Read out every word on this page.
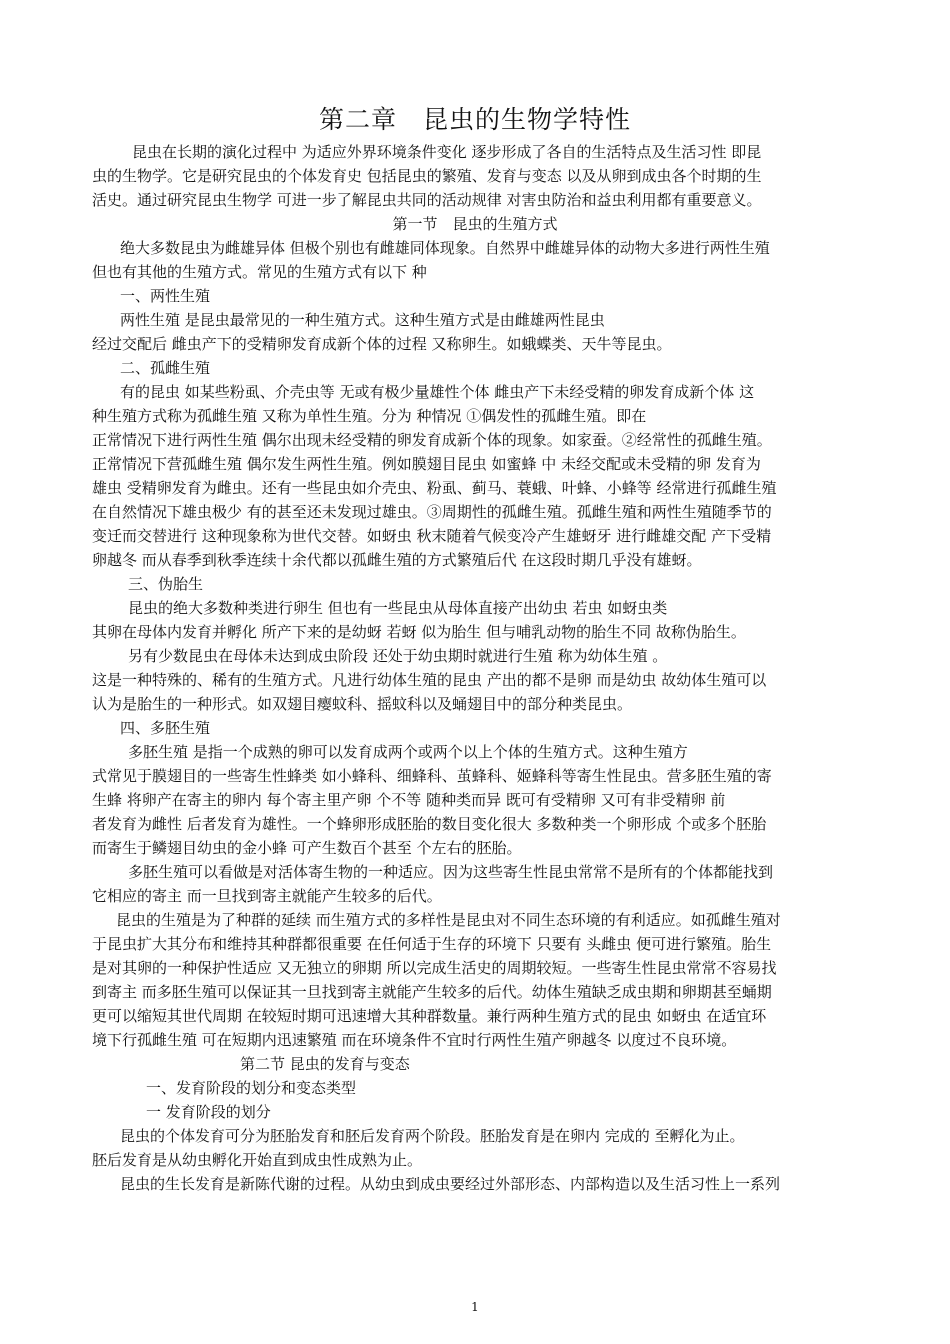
第二章　昆虫的生物学特性
昆虫在长期的演化过程中 为适应外界环境条件变化 逐步形成了各自的生活特点及生活习性 即昆
虫的生物学。它是研究昆虫的个体发育史 包括昆虫的繁殖、发育与变态 以及从卵到成虫各个时期的生
活史。通过研究昆虫生物学 可进一步了解昆虫共同的活动规律 对害虫防治和益虫利用都有重要意义。
第一节　昆虫的生殖方式
绝大多数昆虫为雌雄异体 但极个别也有雌雄同体现象。自然界中雌雄异体的动物大多进行两性生殖
但也有其他的生殖方式。常见的生殖方式有以下 种
一、两性生殖
两性生殖 是昆虫最常见的一种生殖方式。这种生殖方式是由雌雄两性昆虫
经过交配后 雌虫产下的受精卵发育成新个体的过程 又称卵生。如蛾蝶类、天牛等昆虫。
二、孤雌生殖
有的昆虫 如某些粉虱、介壳虫等 无或有极少量雄性个体 雌虫产下未经受精的卵发育成新个体 这
种生殖方式称为孤雌生殖 又称为单性生殖。分为 种情况 ①偶发性的孤雌生殖。即在
正常情况下进行两性生殖 偶尔出现未经受精的卵发育成新个体的现象。如家蚕。②经常性的孤雌生殖。
正常情况下营孤雌生殖 偶尔发生两性生殖。例如膜翅目昆虫 如蜜蜂 中 未经交配或未受精的卵 发育为
雄虫 受精卵发育为雌虫。还有一些昆虫如介壳虫、粉虱、蓟马、蓑蛾、叶蜂、小蜂等 经常进行孤雌生殖
在自然情况下雄虫极少 有的甚至还未发现过雄虫。③周期性的孤雌生殖。孤雌生殖和两性生殖随季节的
变迁而交替进行 这种现象称为世代交替。如蚜虫 秋末随着气候变冷产生雄蚜牙 进行雌雄交配 产下受精
卵越冬 而从春季到秋季连续十余代都以孤雌生殖的方式繁殖后代 在这段时期几乎没有雄蚜。
三、伪胎生
昆虫的绝大多数种类进行卵生 但也有一些昆虫从母体直接产出幼虫 若虫 如蚜虫类
其卵在母体内发育并孵化 所产下来的是幼蚜 若蚜 似为胎生 但与哺乳动物的胎生不同 故称伪胎生。
另有少数昆虫在母体未达到成虫阶段 还处于幼虫期时就进行生殖 称为幼体生殖 。
这是一种特殊的、稀有的生殖方式。凡进行幼体生殖的昆虫 产出的都不是卵 而是幼虫 故幼体生殖可以
认为是胎生的一种形式。如双翅目瘿蚊科、摇蚊科以及蛹翅目中的部分种类昆虫。
四、多胚生殖
多胚生殖 是指一个成熟的卵可以发育成两个或两个以上个体的生殖方式。这种生殖方
式常见于膜翅目的一些寄生性蜂类 如小蜂科、细蜂科、茧蜂科、姬蜂科等寄生性昆虫。营多胚生殖的寄
生蜂 将卵产在寄主的卵内 每个寄主里产卵 个不等 随种类而异 既可有受精卵 又可有非受精卵 前
者发育为雌性 后者发育为雄性。一个蜂卵形成胚胎的数目变化很大 多数种类一个卵形成 个或多个胚胎
而寄生于鳞翅目幼虫的金小蜂 可产生数百个甚至 个左右的胚胎。
多胚生殖可以看做是对活体寄生物的一种适应。因为这些寄生性昆虫常常不是所有的个体都能找到
它相应的寄主 而一旦找到寄主就能产生较多的后代。
昆虫的生殖是为了种群的延续 而生殖方式的多样性是昆虫对不同生态环境的有利适应。如孤雌生殖对
于昆虫扩大其分布和维持其种群都很重要 在任何适于生存的环境下 只要有 头雌虫 便可进行繁殖。胎生
是对其卵的一种保护性适应 又无独立的卵期 所以完成生活史的周期较短。一些寄生性昆虫常常不容易找
到寄主 而多胚生殖可以保证其一旦找到寄主就能产生较多的后代。幼体生殖缺乏成虫期和卵期甚至蛹期
更可以缩短其世代周期 在较短时期可迅速增大其种群数量。兼行两种生殖方式的昆虫 如蚜虫 在适宜环
境下行孤雌生殖 可在短期内迅速繁殖 而在环境条件不宜时行两性生殖产卵越冬 以度过不良环境。
第二节 昆虫的发育与变态
一、发育阶段的划分和变态类型
一 发育阶段的划分
昆虫的个体发育可分为胚胎发育和胚后发育两个阶段。胚胎发育是在卵内 完成的 至孵化为止。
胚后发育是从幼虫孵化开始直到成虫性成熟为止。
昆虫的生长发育是新陈代谢的过程。从幼虫到成虫要经过外部形态、内部构造以及生活习性上一系列
1
